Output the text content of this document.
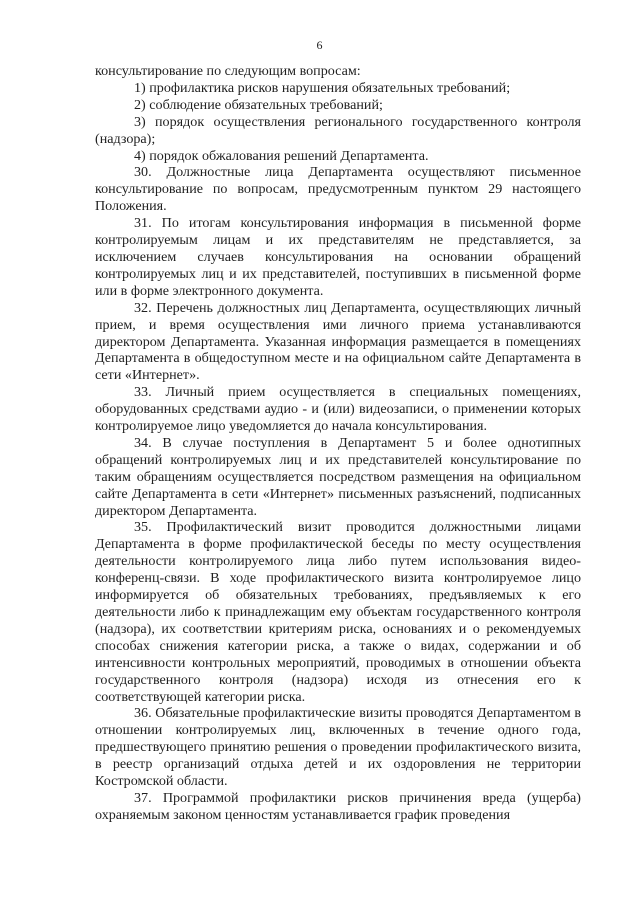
6

консультирование по следующим вопросам:

1) профилактика рисков нарушения обязательных требований;

2) соблюдение обязательных требований;

3) порядок осуществления регионального государственного контроля (надзора);

4) порядок обжалования решений Департамента.

30. Должностные лица Департамента осуществляют письменное консультирование по вопросам, предусмотренным пунктом 29 настоящего Положения.

31. По итогам консультирования информация в письменной форме контролируемым лицам и их представителям не представляется, за исключением случаев консультирования на основании обращений контролируемых лиц и их представителей, поступивших в письменной форме или в форме электронного документа.

32. Перечень должностных лиц Департамента, осуществляющих личный прием, и время осуществления ими личного приема устанавливаются директором Департамента. Указанная информация размещается в помещениях Департамента в общедоступном месте и на официальном сайте Департамента в сети «Интернет».

33. Личный прием осуществляется в специальных помещениях, оборудованных средствами аудио - и (или) видеозаписи, о применении которых контролируемое лицо уведомляется до начала консультирования.

34. В случае поступления в Департамент 5 и более однотипных обращений контролируемых лиц и их представителей консультирование по таким обращениям осуществляется посредством размещения на официальном сайте Департамента в сети «Интернет» письменных разъяснений, подписанных директором Департамента.

35. Профилактический визит проводится должностными лицами Департамента в форме профилактической беседы по месту осуществления деятельности контролируемого лица либо путем использования видео-конференц-связи. В ходе профилактического визита контролируемое лицо информируется об обязательных требованиях, предъявляемых к его деятельности либо к принадлежащим ему объектам государственного контроля (надзора), их соответствии критериям риска, основаниях и о рекомендуемых способах снижения категории риска, а также о видах, содержании и об интенсивности контрольных мероприятий, проводимых в отношении объекта государственного контроля (надзора) исходя из отнесения его к соответствующей категории риска.

36. Обязательные профилактические визиты проводятся Департаментом в отношении контролируемых лиц, включенных в течение одного года, предшествующего принятию решения о проведении профилактического визита, в реестр организаций отдыха детей и их оздоровления не территории Костромской области.

37. Программой профилактики рисков причинения вреда (ущерба) охраняемым законом ценностям устанавливается график проведения
